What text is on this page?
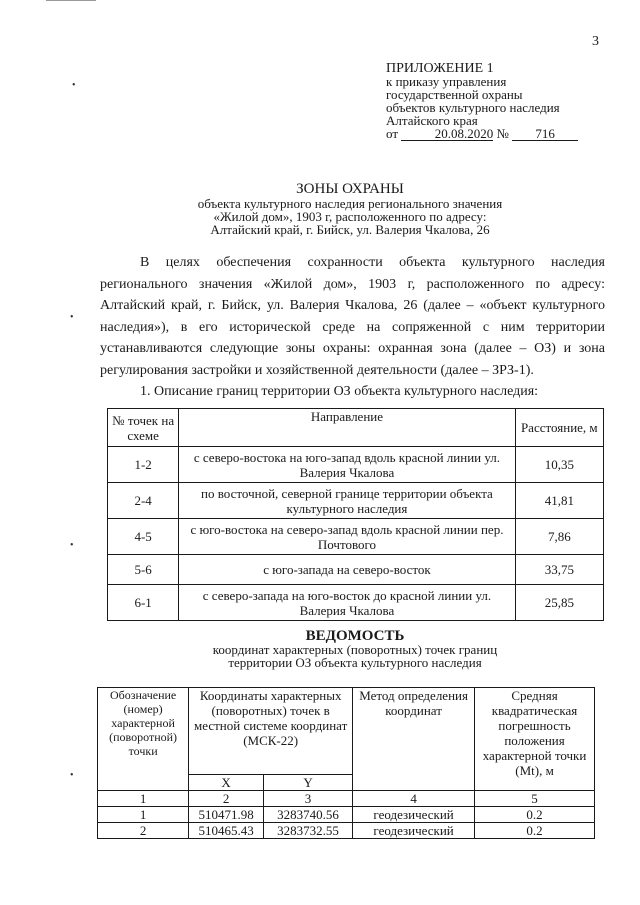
3
•
•
•
•
ПРИЛОЖЕНИЕ 1
к приказу управления
государственной охраны
объектов культурного наследия
Алтайского края
от	20.08.2020 № 716
ЗОНЫ ОХРАНЫ
объекта культурного наследия регионального значения
«Жилой дом», 1903 г, расположенного по адресу:
Алтайский край, г. Бийск, ул. Валерия Чкалова, 26

В целях обеспечения сохранности объекта культурного наследия регионального значения «Жилой дом», 1903 г, расположенного по адресу: Алтайский край, г. Бийск, ул. Валерия Чкалова, 26 (далее – «объект культурного наследия»), в его исторической среде на сопряженной с ним территории устанавливаются следующие зоны охраны: охранная зона (далее – ОЗ) и зона регулирования застройки и хозяйственной деятельности (далее – ЗРЗ-1).

1. Описание границ территории ОЗ объекта культурного наследия:

№ точек на схеме	Направление	Расстояние, м
1-2	с северо-востока на юго-запад вдоль красной линии ул. Валерия Чкалова	10,35
2-4	по восточной, северной границе территории объекта культурного наследия	41,81
4-5	с юго-востока на северо-запад вдоль красной линии пер. Почтового	7,86
5-6	с юго-запада на северо-восток	33,75
6-1	с северо-запада на юго-восток до красной линии ул. Валерия Чкалова	25,85
ВЕДОМОСТЬ
координат характерных (поворотных) точек границ
территории ОЗ объекта культурного наследия
Обозначение (номер) характерной (поворотной) точки	Координаты характерных (поворотных) точек в местной системе координат (МСК-22)		Метод определения координат	Средняя квадратическая погрешность положения характерной точки (Mt), м
	X	Y		
1	2	3	4	5
1	510471.98	3283740.56	геодезический	0.2
2	510465.43	3283732.55	геодезический	0.2
